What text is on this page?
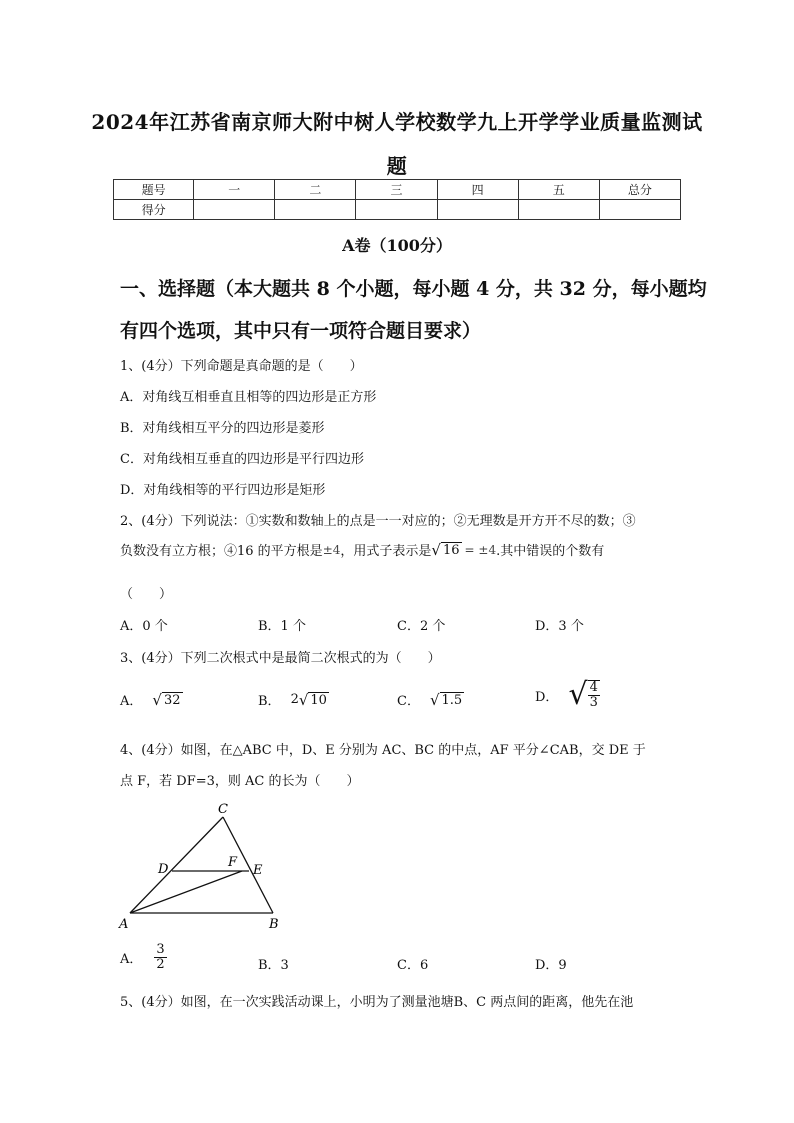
2024年江苏省南京师大附中树人学校数学九上开学学业质量监测试
题
题号	一	二	三	四	五	总分
得分						
A卷（100分）
一、选择题（本大题共 8 个小题，每小题 4 分，共 32 分，每小题均
有四个选项，其中只有一项符合题目要求）
1、(4分）下列命题是真命题的是（　　）
A．对角线互相垂直且相等的四边形是正方形
B．对角线相互平分的四边形是菱形
C．对角线相互垂直的四边形是平行四边形
D．对角线相等的平行四边形是矩形
2、(4分）下列说法：①实数和数轴上的点是一一对应的；②无理数是开方开不尽的数；③
负数没有立方根；④16 的平方根是 ±4 ，用式子表示是 √ 16 = ±4 .其中错误的个数有
（　　）
A．0 个	B．1 个	C．2 个	D．3 个
3、(4分）下列二次根式中是最简二次根式的为（　　）
A． √ 32	B． 2 √ 10	C． √ 1.5	D． √ $\frac{4}{3}$
4、(4分）如图，在△ABC 中，D、E 分别为 AC、BC 的中点，AF 平分∠CAB，交 DE 于
点 F，若 DF=3，则 AC 的长为（　　）
C
D	F
E
A	B
A． $\frac{3}{2}$	B．3	C．6	D．9
5、(4分）如图，在一次实践活动课上，小明为了测量池塘B、C 两点间的距离，他先在池
